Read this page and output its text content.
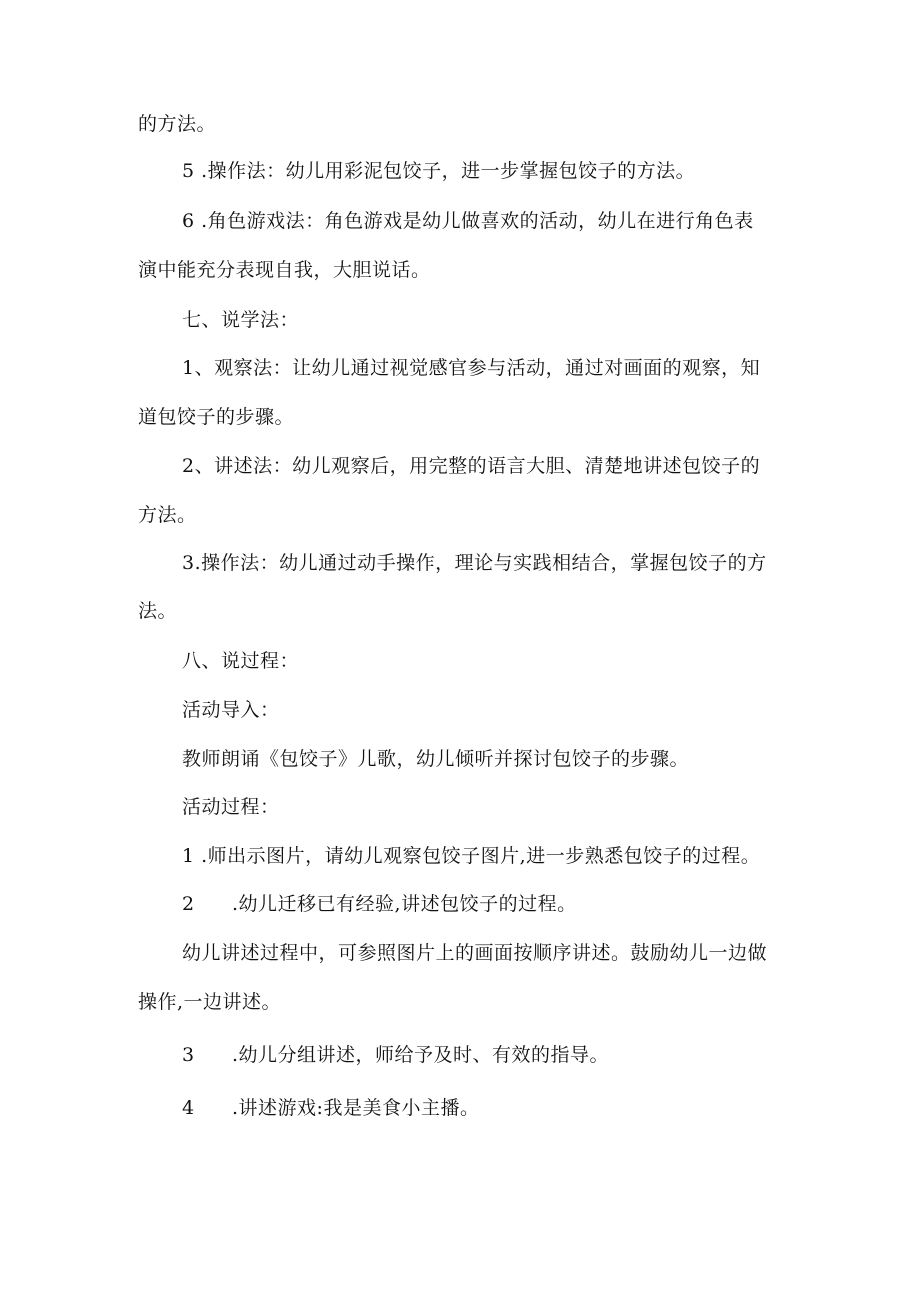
的方法。
5 .操作法：幼儿用彩泥包饺子，进一步掌握包饺子的方法。
6 .角色游戏法：角色游戏是幼儿做喜欢的活动，幼儿在进行角色表
演中能充分表现自我，大胆说话。
七、说学法：
1、观察法：让幼儿通过视觉感官参与活动，通过对画面的观察，知
道包饺子的步骤。
2、讲述法：幼儿观察后，用完整的语言大胆、清楚地讲述包饺子的
方法。
3.操作法：幼儿通过动手操作，理论与实践相结合，掌握包饺子的方
法。
八、说过程：
活动导入：
教师朗诵《包饺子》儿歌，幼儿倾听并探讨包饺子的步骤。
活动过程：
1 .师出示图片，请幼儿观察包饺子图片,进一步熟悉包饺子的过程。
2 .幼儿迁移已有经验,讲述包饺子的过程。
幼儿讲述过程中，可参照图片上的画面按顺序讲述。鼓励幼儿一边做
操作,一边讲述。
3 .幼儿分组讲述，师给予及时、有效的指导。
4 .讲述游戏:我是美食小主播。
